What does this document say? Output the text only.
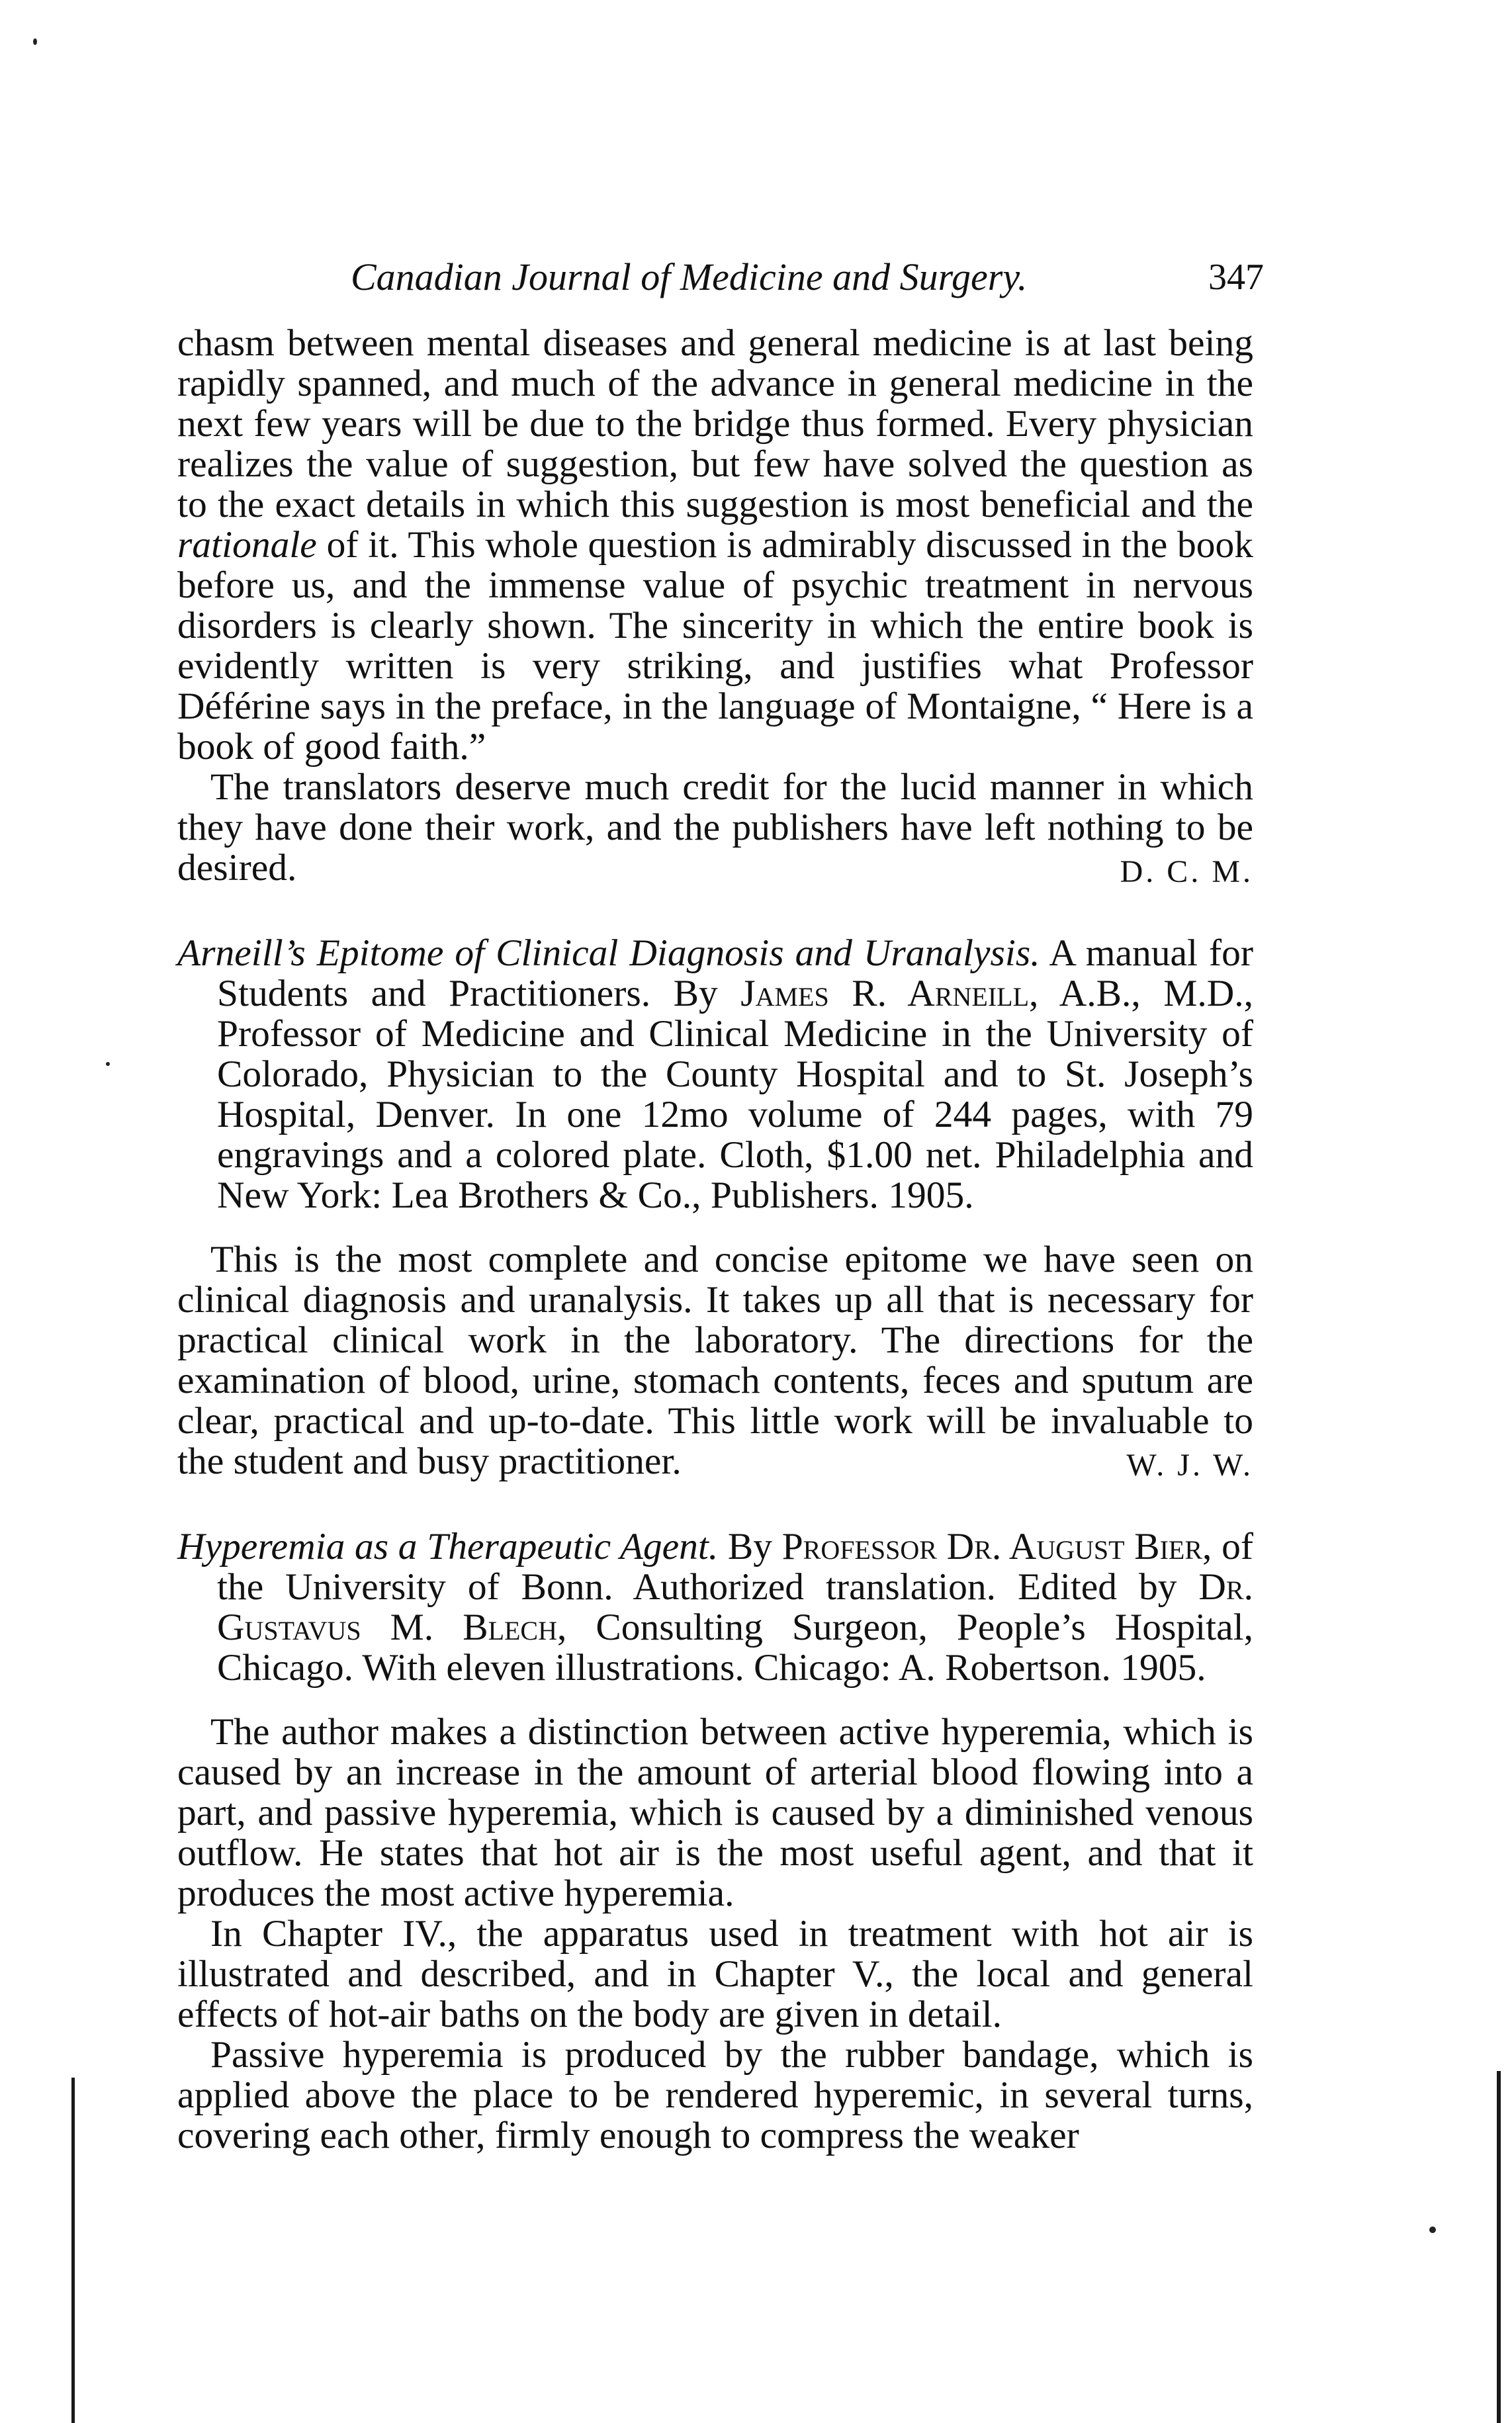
Canadian Journal of Medicine and Surgery.	347

chasm between mental diseases and general medicine is at last being rapidly spanned, and much of the advance in general medicine in the next few years will be due to the bridge thus formed. Every physician realizes the value of suggestion, but few have solved the question as to the exact details in which this suggestion is most beneficial and the rationale of it. This whole question is admirably discussed in the book before us, and the immense value of psychic treatment in nervous disorders is clearly shown. The sincerity in which the entire book is evidently written is very striking, and justifies what Professor Déférine says in the preface, in the language of Montaigne, “ Here is a book of good faith.”

The translators deserve much credit for the lucid manner in which they have done their work, and the publishers have left nothing to be desired.	D. C. M.

Arneill’s Epitome of Clinical Diagnosis and Uranalysis. A manual for Students and Practitioners. By James R. Arneill, A.B., M.D., Professor of Medicine and Clinical Medicine in the University of Colorado, Physician to the County Hospital and to St. Joseph’s Hospital, Denver. In one 12mo volume of 244 pages, with 79 engravings and a colored plate. Cloth, $1.00 net. Philadelphia and New York: Lea Brothers & Co., Publishers. 1905.

This is the most complete and concise epitome we have seen on clinical diagnosis and uranalysis. It takes up all that is necessary for practical clinical work in the laboratory. The directions for the examination of blood, urine, stomach contents, feces and sputum are clear, practical and up-to-date. This little work will be invaluable to the student and busy practitioner.	W. J. W.

Hyperemia as a Therapeutic Agent. By Professor Dr. August Bier, of the University of Bonn. Authorized translation. Edited by Dr. Gustavus M. Blech, Consulting Surgeon, People’s Hospital, Chicago. With eleven illustrations. Chicago: A. Robertson. 1905.

The author makes a distinction between active hyperemia, which is caused by an increase in the amount of arterial blood flowing into a part, and passive hyperemia, which is caused by a diminished venous outflow. He states that hot air is the most useful agent, and that it produces the most active hyperemia.

In Chapter IV., the apparatus used in treatment with hot air is illustrated and described, and in Chapter V., the local and general effects of hot-air baths on the body are given in detail.

Passive hyperemia is produced by the rubber bandage, which is applied above the place to be rendered hyperemic, in several turns, covering each other, firmly enough to compress the weaker
